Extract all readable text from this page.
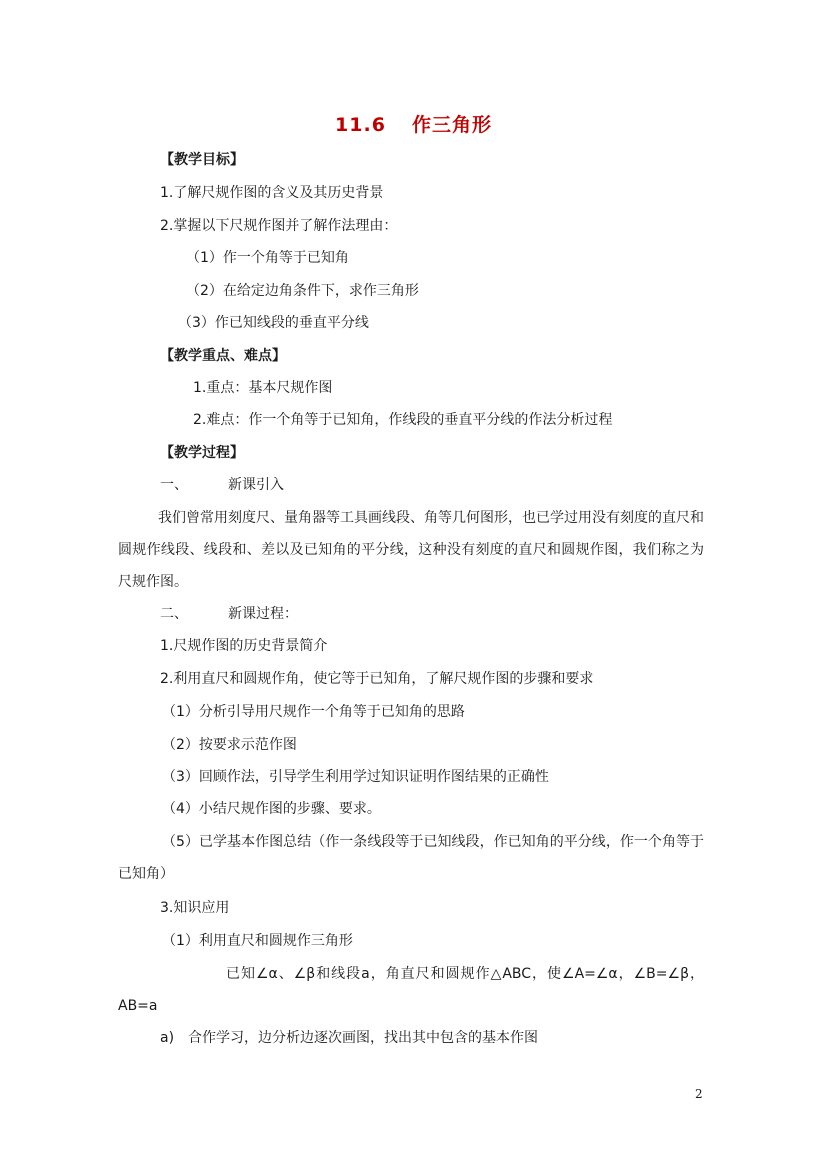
11.6 作三角形
【教学目标】
1.了解尺规作图的含义及其历史背景
2.掌握以下尺规作图并了解作法理由：
（1）作一个角等于已知角
（2）在给定边角条件下，求作三角形
（3）作已知线段的垂直平分线
【教学重点、难点】
1.重点：基本尺规作图
2.难点：作一个角等于已知角，作线段的垂直平分线的作法分析过程
【教学过程】
一、	新课引入
我们曾常用刻度尺、量角器等工具画线段、角等几何图形，也已学过用没有刻度的直尺和圆规作线段、线段和、差以及已知角的平分线，这种没有刻度的直尺和圆规作图，我们称之为尺规作图。
二、	新课过程：
1.尺规作图的历史背景简介
2.利用直尺和圆规作角，使它等于已知角，了解尺规作图的步骤和要求
（1）分析引导用尺规作一个角等于已知角的思路
（2）按要求示范作图
（3）回顾作法，引导学生利用学过知识证明作图结果的正确性
（4）小结尺规作图的步骤、要求。
（5）已学基本作图总结（作一条线段等于已知线段，作已知角的平分线，作一个角等于已知角）
3.知识应用
（1）利用直尺和圆规作三角形
已知∠α、∠β和线段a，角直尺和圆规作△ABC，使∠A=∠α，∠B=∠β，AB=a
a)　合作学习，边分析边逐次画图，找出其中包含的基本作图
2
